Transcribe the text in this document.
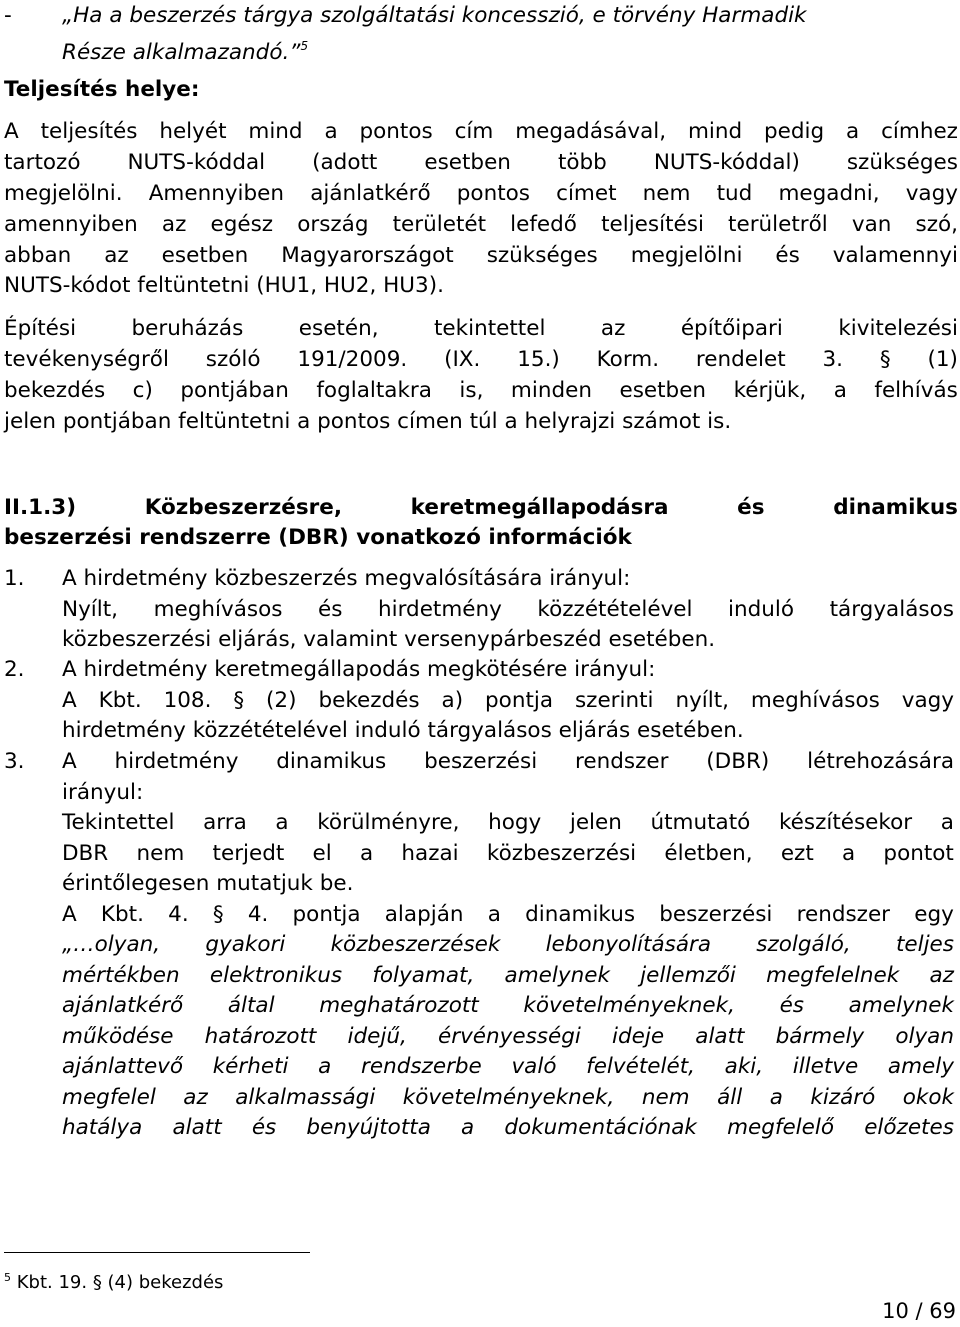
- „Ha a beszerzés tárgya szolgáltatási koncesszió, e törvény Harmadik
Része alkalmazandó.”$^5$
Teljesítés helye:
A teljesítés helyét mind a pontos cím megadásával, mind pedig a címhez
tartozó NUTS-kóddal (adott esetben több NUTS-kóddal) szükséges
megjelölni. Amennyiben ajánlatkérő pontos címet nem tud megadni, vagy
amennyiben az egész ország területét lefedő teljesítési területről van szó,
abban az esetben Magyarországot szükséges megjelölni és valamennyi
NUTS-kódot feltüntetni (HU1, HU2, HU3).
Építési	beruházás	esetén,	tekintettel	az	építőipari	kivitelezési
tevékenységről szóló 191/2009. (IX. 15.) Korm. rendelet 3. § (1)
bekezdés c) pontjában foglaltakra is, minden esetben kérjük, a felhívás
jelen pontjában feltüntetni a pontos címen túl a helyrajzi számot is.
II.1.3)	Közbeszerzésre,	keretmegállapodásra	és	dinamikus
beszerzési rendszerre (DBR) vonatkozó információk
1. A hirdetmény közbeszerzés megvalósítására irányul:
Nyílt, meghívásos és hirdetmény közzétételével induló tárgyalásos
közbeszerzési eljárás, valamint versenypárbeszéd esetében.
2. A hirdetmény keretmegállapodás megkötésére irányul:
A Kbt. 108. § (2) bekezdés a) pontja szerinti nyílt, meghívásos vagy
hirdetmény közzétételével induló tárgyalásos eljárás esetében.
3. A hirdetmény dinamikus beszerzési rendszer (DBR) létrehozására
irányul:
Tekintettel arra a körülményre, hogy jelen útmutató készítésekor a
DBR nem terjedt el a hazai közbeszerzési életben, ezt a pontot
érintőlegesen mutatjuk be.
A Kbt. 4. § 4. pontja alapján a dinamikus beszerzési rendszer egy
„…olyan, gyakori közbeszerzések lebonyolítására szolgáló, teljes
mértékben elektronikus folyamat, amelynek jellemzői megfelelnek az
ajánlatkérő által meghatározott követelményeknek, és amelynek
működése határozott idejű, érvényességi ideje alatt bármely olyan
ajánlattevő kérheti a rendszerbe való felvételét, aki, illetve amely
megfelel az alkalmassági követelményeknek, nem áll a kizáró okok
hatálya alatt és benyújtotta a dokumentációnak megfelelő előzetes
$^5$ Kbt. 19. § (4) bekezdés
10 / 69
